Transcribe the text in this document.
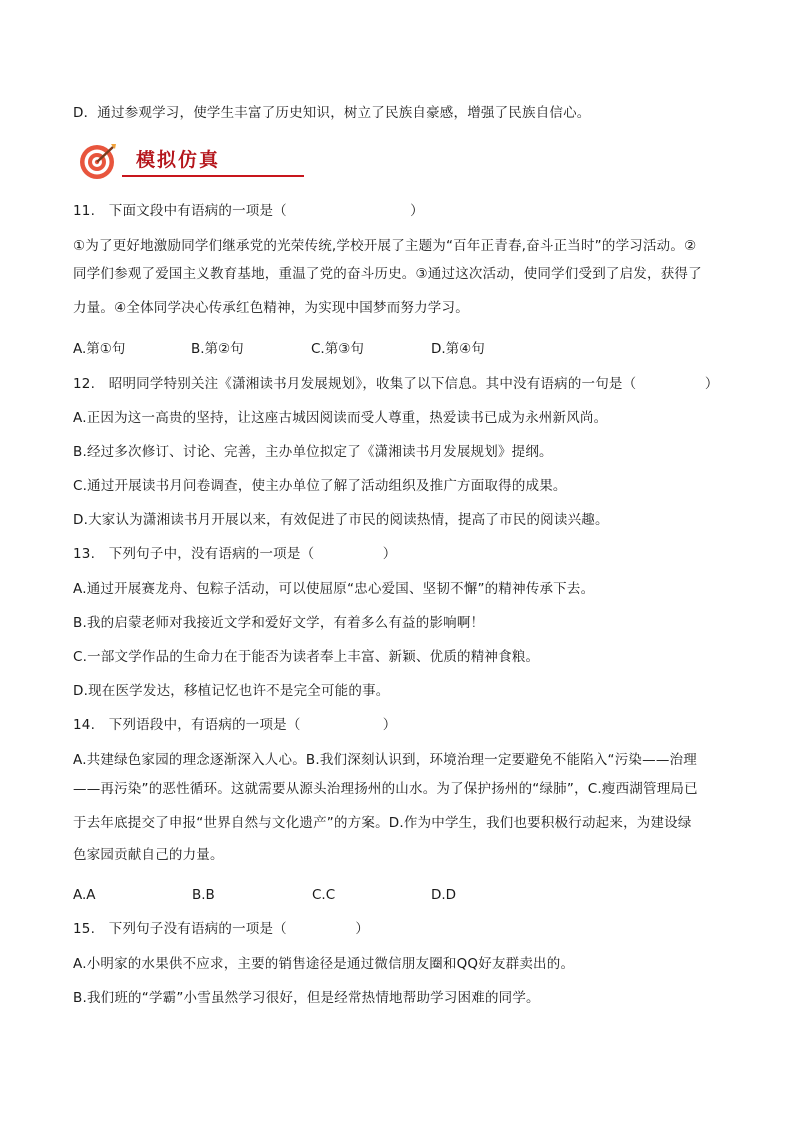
D．通过参观学习，使学生丰富了历史知识，树立了民族自豪感，增强了民族自信心。
模拟仿真
11.　下面文段中有语病的一项是（　　　　　　　　　）
①为了更好地激励同学们继承党的光荣传统,学校开展了主题为“百年正青春,奋斗正当时”的学习活动。②
同学们参观了爱国主义教育基地，重温了党的奋斗历史。③通过这次活动，使同学们受到了启发，获得了
力量。④全体同学决心传承红色精神，为实现中国梦而努力学习。
A.第①句	B.第②句	C.第③句	D.第④句
12.　昭明同学特别关注《潇湘读书月发展规划》，收集了以下信息。其中没有语病的一句是（　　　　　）
A.正因为这一高贵的坚持，让这座古城因阅读而受人尊重，热爱读书已成为永州新风尚。
B.经过多次修订、讨论、完善，主办单位拟定了《潇湘读书月发展规划》提纲。
C.通过开展读书月问卷调查，使主办单位了解了活动组织及推广方面取得的成果。
D.大家认为潇湘读书月开展以来，有效促进了市民的阅读热情，提高了市民的阅读兴趣。
13.　下列句子中，没有语病的一项是（　　　　　）
A.通过开展赛龙舟、包粽子活动，可以使屈原“忠心爱国、坚韧不懈”的精神传承下去。
B.我的启蒙老师对我接近文学和爱好文学，有着多么有益的影响啊！
C.一部文学作品的生命力在于能否为读者奉上丰富、新颖、优质的精神食粮。
D.现在医学发达，移植记忆也许不是完全可能的事。
14.　下列语段中，有语病的一项是（　　　　　　）
A.共建绿色家园的理念逐渐深入人心。B.我们深刻认识到，环境治理一定要避免不能陷入“污染——治理
——再污染”的恶性循环。这就需要从源头治理扬州的山水。为了保护扬州的“绿肺”，C.瘦西湖管理局已
于去年底提交了申报“世界自然与文化遗产”的方案。D.作为中学生，我们也要积极行动起来，为建设绿
色家园贡献自己的力量。
A.A	B.B	C.C	D.D
15.　下列句子没有语病的一项是（　　　　　）
A.小明家的水果供不应求，主要的销售途径是通过微信朋友圈和QQ好友群卖出的。
B.我们班的“学霸”小雪虽然学习很好，但是经常热情地帮助学习困难的同学。
